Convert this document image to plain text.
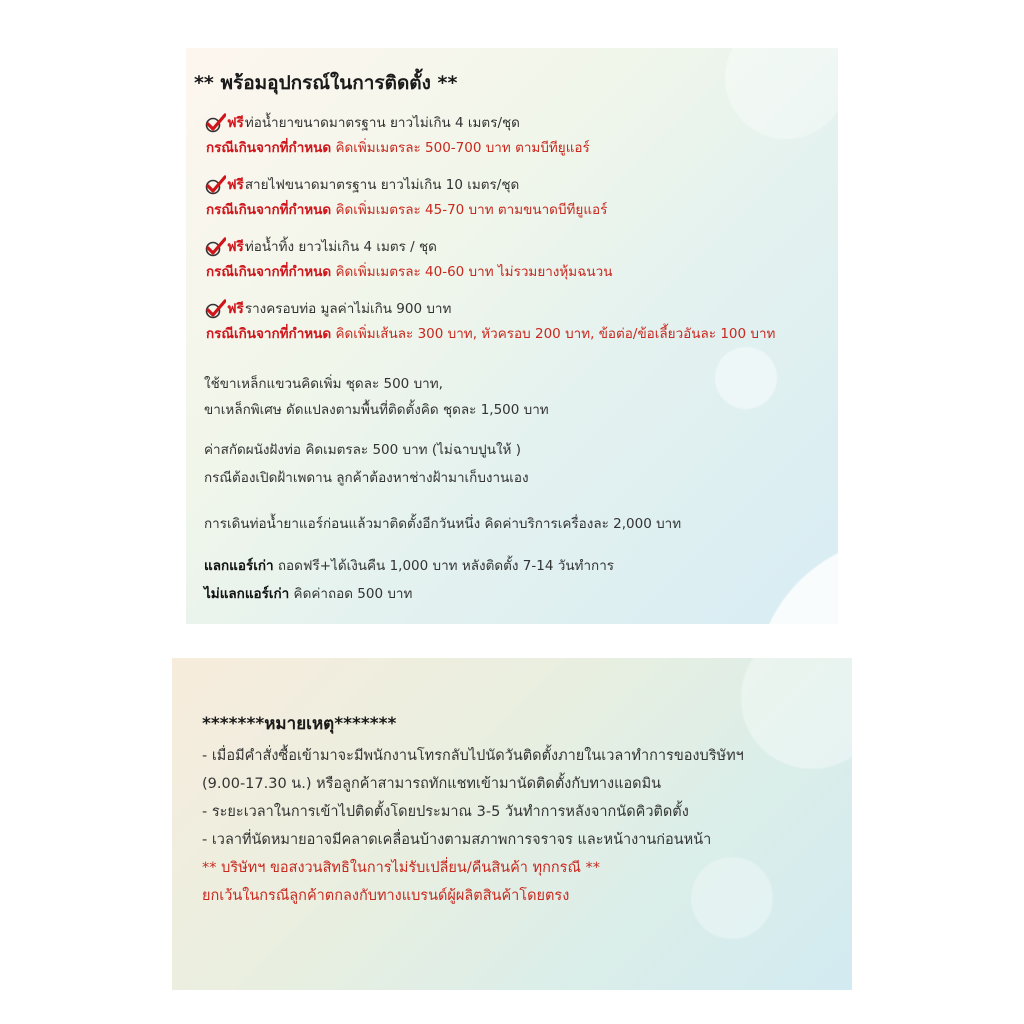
** พร้อมอุปกรณ์ในการติดตั้ง **
ฟรี ท่อน้ำยาขนาดมาตรฐาน ยาวไม่เกิน 4 เมตร/ชุด
กรณีเกินจากที่กำหนด คิดเพิ่มเมตรละ 500-700 บาท ตามบีทียูแอร์
ฟรี สายไฟขนาดมาตรฐาน ยาวไม่เกิน 10 เมตร/ชุด
กรณีเกินจากที่กำหนด คิดเพิ่มเมตรละ 45-70 บาท ตามขนาดบีทียูแอร์
ฟรี ท่อน้ำทิ้ง ยาวไม่เกิน 4 เมตร / ชุด
กรณีเกินจากที่กำหนด คิดเพิ่มเมตรละ 40-60 บาท ไม่รวมยางหุ้มฉนวน
ฟรี รางครอบท่อ มูลค่าไม่เกิน 900 บาท
กรณีเกินจากที่กำหนด คิดเพิ่มเส้นละ 300 บาท, หัวครอบ 200 บาท, ข้อต่อ/ข้อเลี้ยวอันละ 100 บาท
ใช้ขาเหล็กแขวนคิดเพิ่ม ชุดละ 500 บาท,
ขาเหล็กพิเศษ ดัดแปลงตามพื้นที่ติดตั้งคิด ชุดละ 1,500 บาท
ค่าสกัดผนังฝังท่อ คิดเมตรละ 500 บาท (ไม่ฉาบปูนให้ )
กรณีต้องเปิดฝ้าเพดาน ลูกค้าต้องหาช่างฝ้ามาเก็บงานเอง
การเดินท่อน้ำยาแอร์ก่อนแล้วมาติดตั้งอีกวันหนึ่ง คิดค่าบริการเครื่องละ 2,000 บาท
แลกแอร์เก่า ถอดฟรี+ได้เงินคืน 1,000 บาท หลังติดตั้ง 7-14 วันทำการ
ไม่แลกแอร์เก่า คิดค่าถอด 500 บาท
*******หมายเหตุ*******
- เมื่อมีคำสั่งซื้อเข้ามาจะมีพนักงานโทรกลับไปนัดวันติดตั้งภายในเวลาทำการของบริษัทฯ
(9.00-17.30 น.) หรือลูกค้าสามารถทักแชทเข้ามานัดติดตั้งกับทางแอดมิน
- ระยะเวลาในการเข้าไปติดตั้งโดยประมาณ 3-5 วันทำการหลังจากนัดคิวติดตั้ง
- เวลาที่นัดหมายอาจมีคลาดเคลื่อนบ้างตามสภาพการจราจร และหน้างานก่อนหน้า
** บริษัทฯ ขอสงวนสิทธิในการไม่รับเปลี่ยน/คืนสินค้า ทุกกรณี **
ยกเว้นในกรณีลูกค้าตกลงกับทางแบรนด์ผู้ผลิตสินค้าโดยตรง
